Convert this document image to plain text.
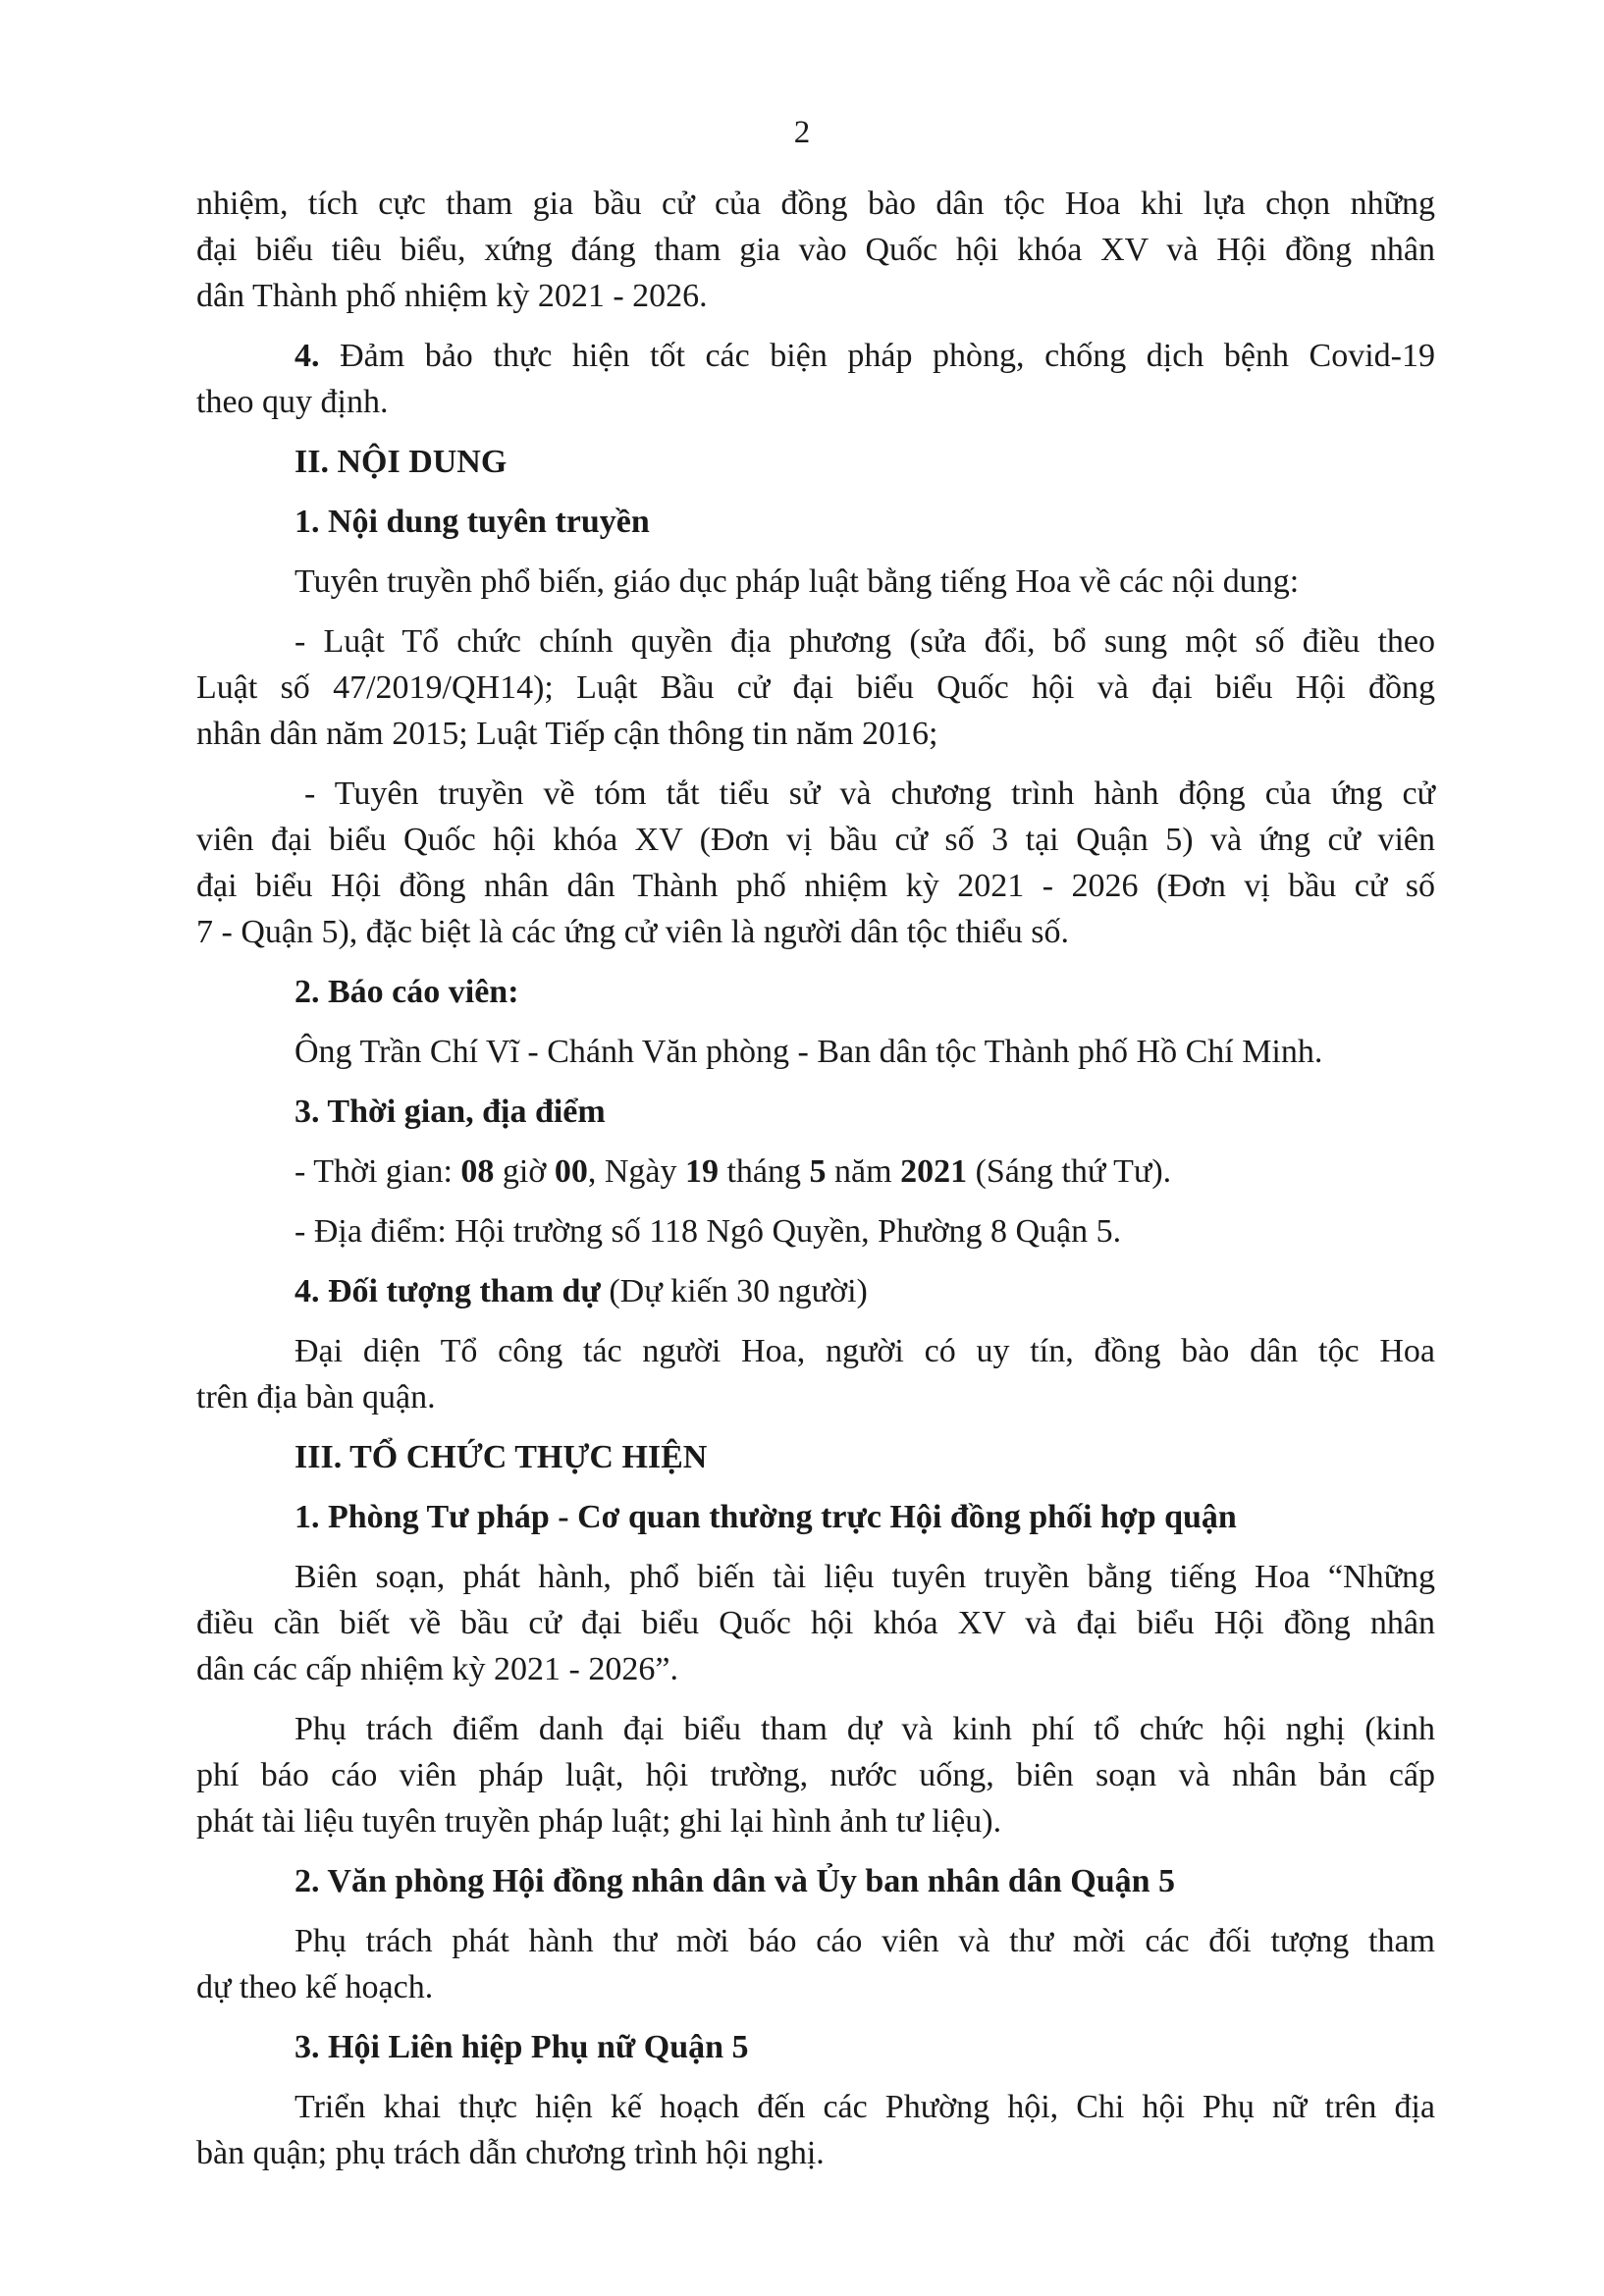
2

nhiệm, tích cực tham gia bầu cử của đồng bào dân tộc Hoa khi lựa chọn những

đại biểu tiêu biểu, xứng đáng tham gia vào Quốc hội khóa XV và Hội đồng nhân

dân Thành phố nhiệm kỳ 2021 - 2026.

4. Đảm bảo thực hiện tốt các biện pháp phòng, chống dịch bệnh Covid-19

theo quy định.

II. NỘI DUNG

1. Nội dung tuyên truyền

Tuyên truyền phổ biến, giáo dục pháp luật bằng tiếng Hoa về các nội dung:

- Luật Tổ chức chính quyền địa phương (sửa đổi, bổ sung một số điều theo

Luật số 47/2019/QH14); Luật Bầu cử đại biểu Quốc hội và đại biểu Hội đồng

nhân dân năm 2015; Luật Tiếp cận thông tin năm 2016;

- Tuyên truyền về tóm tắt tiểu sử và chương trình hành động của ứng cử

viên đại biểu Quốc hội khóa XV (Đơn vị bầu cử số 3 tại Quận 5) và ứng cử viên

đại biểu Hội đồng nhân dân Thành phố nhiệm kỳ 2021 - 2026 (Đơn vị bầu cử số

7 - Quận 5), đặc biệt là các ứng cử viên là người dân tộc thiểu số.

2. Báo cáo viên:

Ông Trần Chí Vĩ - Chánh Văn phòng - Ban dân tộc Thành phố Hồ Chí Minh.

3. Thời gian, địa điểm

- Thời gian: 08 giờ 00, Ngày 19 tháng 5 năm 2021 (Sáng thứ Tư).

- Địa điểm: Hội trường số 118 Ngô Quyền, Phường 8 Quận 5.

4. Đối tượng tham dự (Dự kiến 30 người)

Đại diện Tổ công tác người Hoa, người có uy tín, đồng bào dân tộc Hoa

trên địa bàn quận.

III. TỔ CHỨC THỰC HIỆN

1. Phòng Tư pháp - Cơ quan thường trực Hội đồng phối hợp quận

Biên soạn, phát hành, phổ biến tài liệu tuyên truyền bằng tiếng Hoa “Những

điều cần biết về bầu cử đại biểu Quốc hội khóa XV và đại biểu Hội đồng nhân

dân các cấp nhiệm kỳ 2021 - 2026”.

Phụ trách điểm danh đại biểu tham dự và kinh phí tổ chức hội nghị (kinh

phí báo cáo viên pháp luật, hội trường, nước uống, biên soạn và nhân bản cấp

phát tài liệu tuyên truyền pháp luật; ghi lại hình ảnh tư liệu).

2. Văn phòng Hội đồng nhân dân và Ủy ban nhân dân Quận 5

Phụ trách phát hành thư mời báo cáo viên và thư mời các đối tượng tham

dự theo kế hoạch.

3. Hội Liên hiệp Phụ nữ Quận 5

Triển khai thực hiện kế hoạch đến các Phường hội, Chi hội Phụ nữ trên địa

bàn quận; phụ trách dẫn chương trình hội nghị.
